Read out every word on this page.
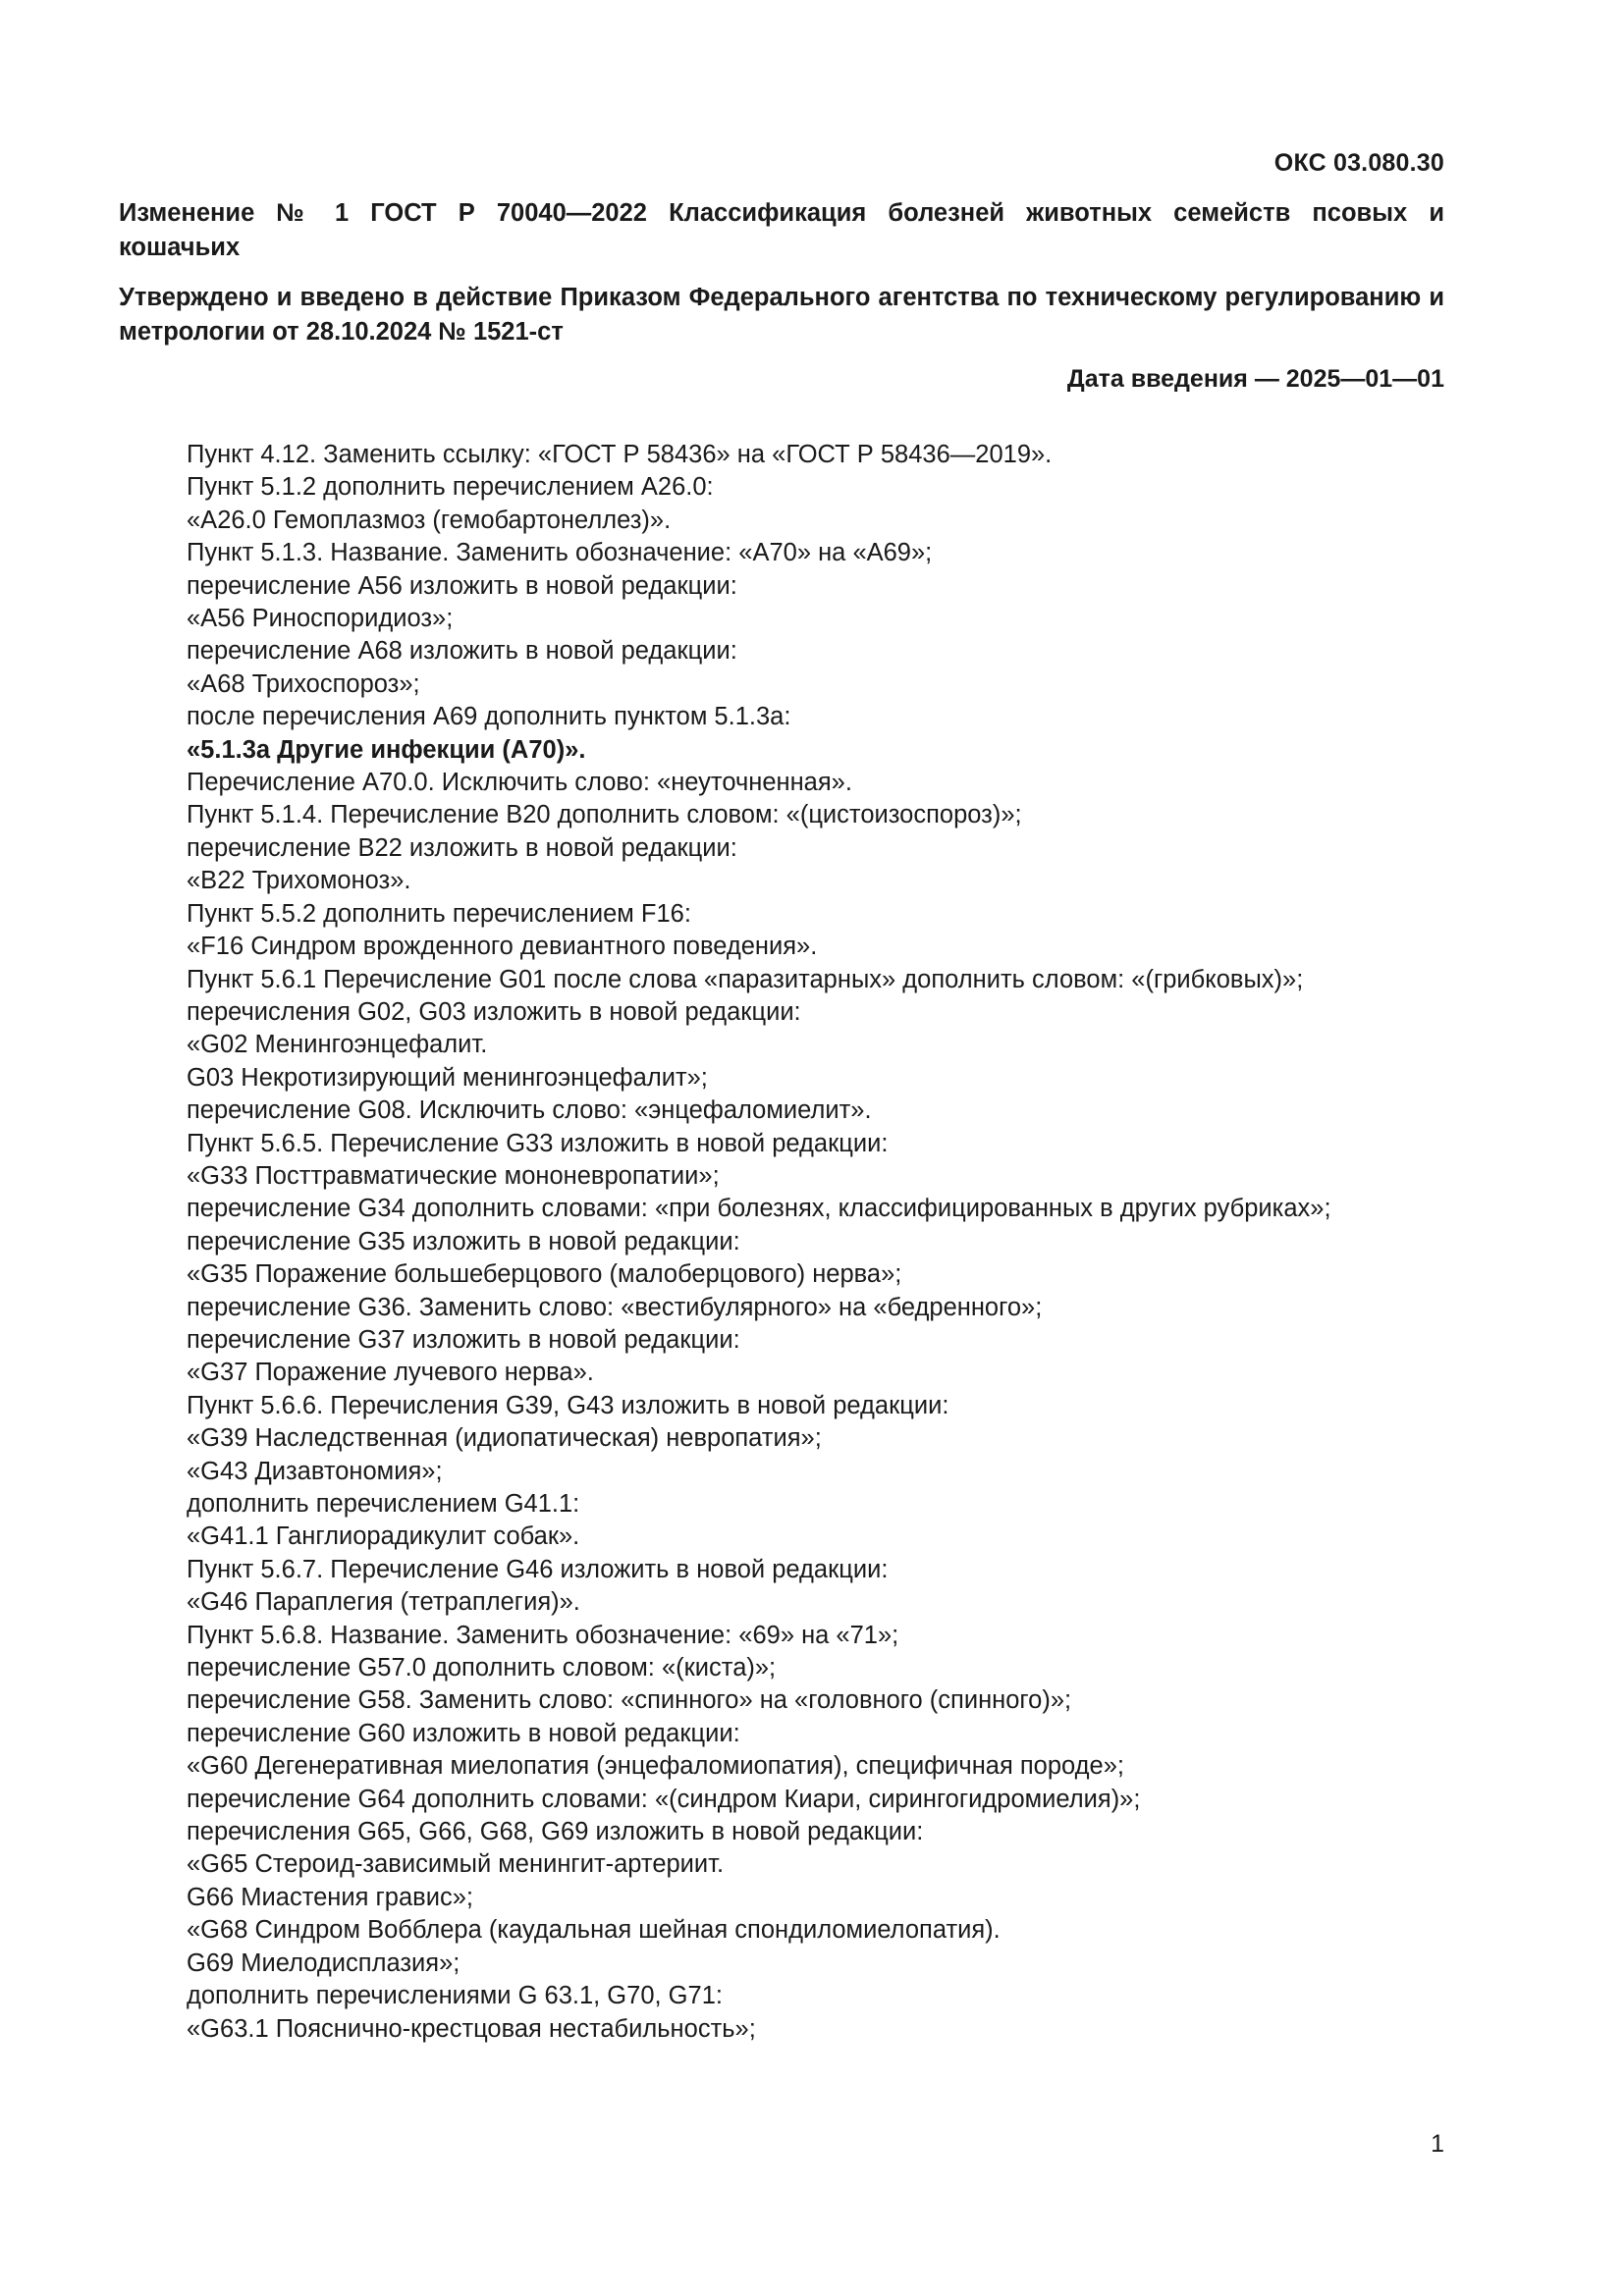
ОКС 03.080.30
Изменение № 1 ГОСТ Р 70040—2022 Классификация болезней животных семейств псовых и кошачьих
Утверждено и введено в действие Приказом Федерального агентства по техническому регулированию и метрологии от 28.10.2024 № 1521-ст
Дата введения — 2025—01—01
Пункт 4.12. Заменить ссылку: «ГОСТ Р 58436» на «ГОСТ Р 58436—2019».
Пункт 5.1.2 дополнить перечислением А26.0:
«А26.0 Гемоплазмоз (гемобартонеллез)».
Пункт 5.1.3. Название. Заменить обозначение: «А70» на «А69»;
перечисление А56 изложить в новой редакции:
«А56 Риноспоридиоз»;
перечисление А68 изложить в новой редакции:
«А68 Трихоспороз»;
после перечисления А69 дополнить пунктом 5.1.3а:
«5.1.3а Другие инфекции (А70)».
Перечисление А70.0. Исключить слово: «неуточненная».
Пункт 5.1.4. Перечисление В20 дополнить словом: «(цистоизоспороз)»;
перечисление В22 изложить в новой редакции:
«В22 Трихомоноз».
Пункт 5.5.2 дополнить перечислением F16:
«F16 Синдром врожденного девиантного поведения».
Пункт 5.6.1 Перечисление G01 после слова «паразитарных» дополнить словом: «(грибковых)»;
перечисления G02, G03 изложить в новой редакции:
«G02 Менингоэнцефалит.
G03 Некротизирующий менингоэнцефалит»;
перечисление G08. Исключить слово: «энцефаломиелит».
Пункт 5.6.5. Перечисление G33 изложить в новой редакции:
«G33 Посттравматические мононевропатии»;
перечисление G34 дополнить словами: «при болезнях, классифицированных в других рубриках»;
перечисление G35 изложить в новой редакции:
«G35 Поражение большеберцового (малоберцового) нерва»;
перечисление G36. Заменить слово: «вестибулярного» на «бедренного»;
перечисление G37 изложить в новой редакции:
«G37 Поражение лучевого нерва».
Пункт 5.6.6. Перечисления G39, G43 изложить в новой редакции:
«G39 Наследственная (идиопатическая) невропатия»;
«G43 Дизавтономия»;
дополнить перечислением G41.1:
«G41.1 Ганглиорадикулит собак».
Пункт 5.6.7. Перечисление G46 изложить в новой редакции:
«G46 Параплегия (тетраплегия)».
Пункт 5.6.8. Название. Заменить обозначение: «69» на «71»;
перечисление G57.0 дополнить словом: «(киста)»;
перечисление G58. Заменить слово: «спинного» на «головного (спинного)»;
перечисление G60 изложить в новой редакции:
«G60 Дегенеративная миелопатия (энцефаломиопатия), специфичная породе»;
перечисление G64 дополнить словами: «(синдром Киари, сирингогидромиелия)»;
перечисления G65, G66, G68, G69 изложить в новой редакции:
«G65 Стероид-зависимый менингит-артериит.
G66 Миастения гравис»;
«G68 Синдром Вобблера (каудальная шейная спондиломиелопатия).
G69 Миелодисплазия»;
дополнить перечислениями G 63.1, G70, G71:
«G63.1 Пояснично-крестцовая нестабильность»;
1
